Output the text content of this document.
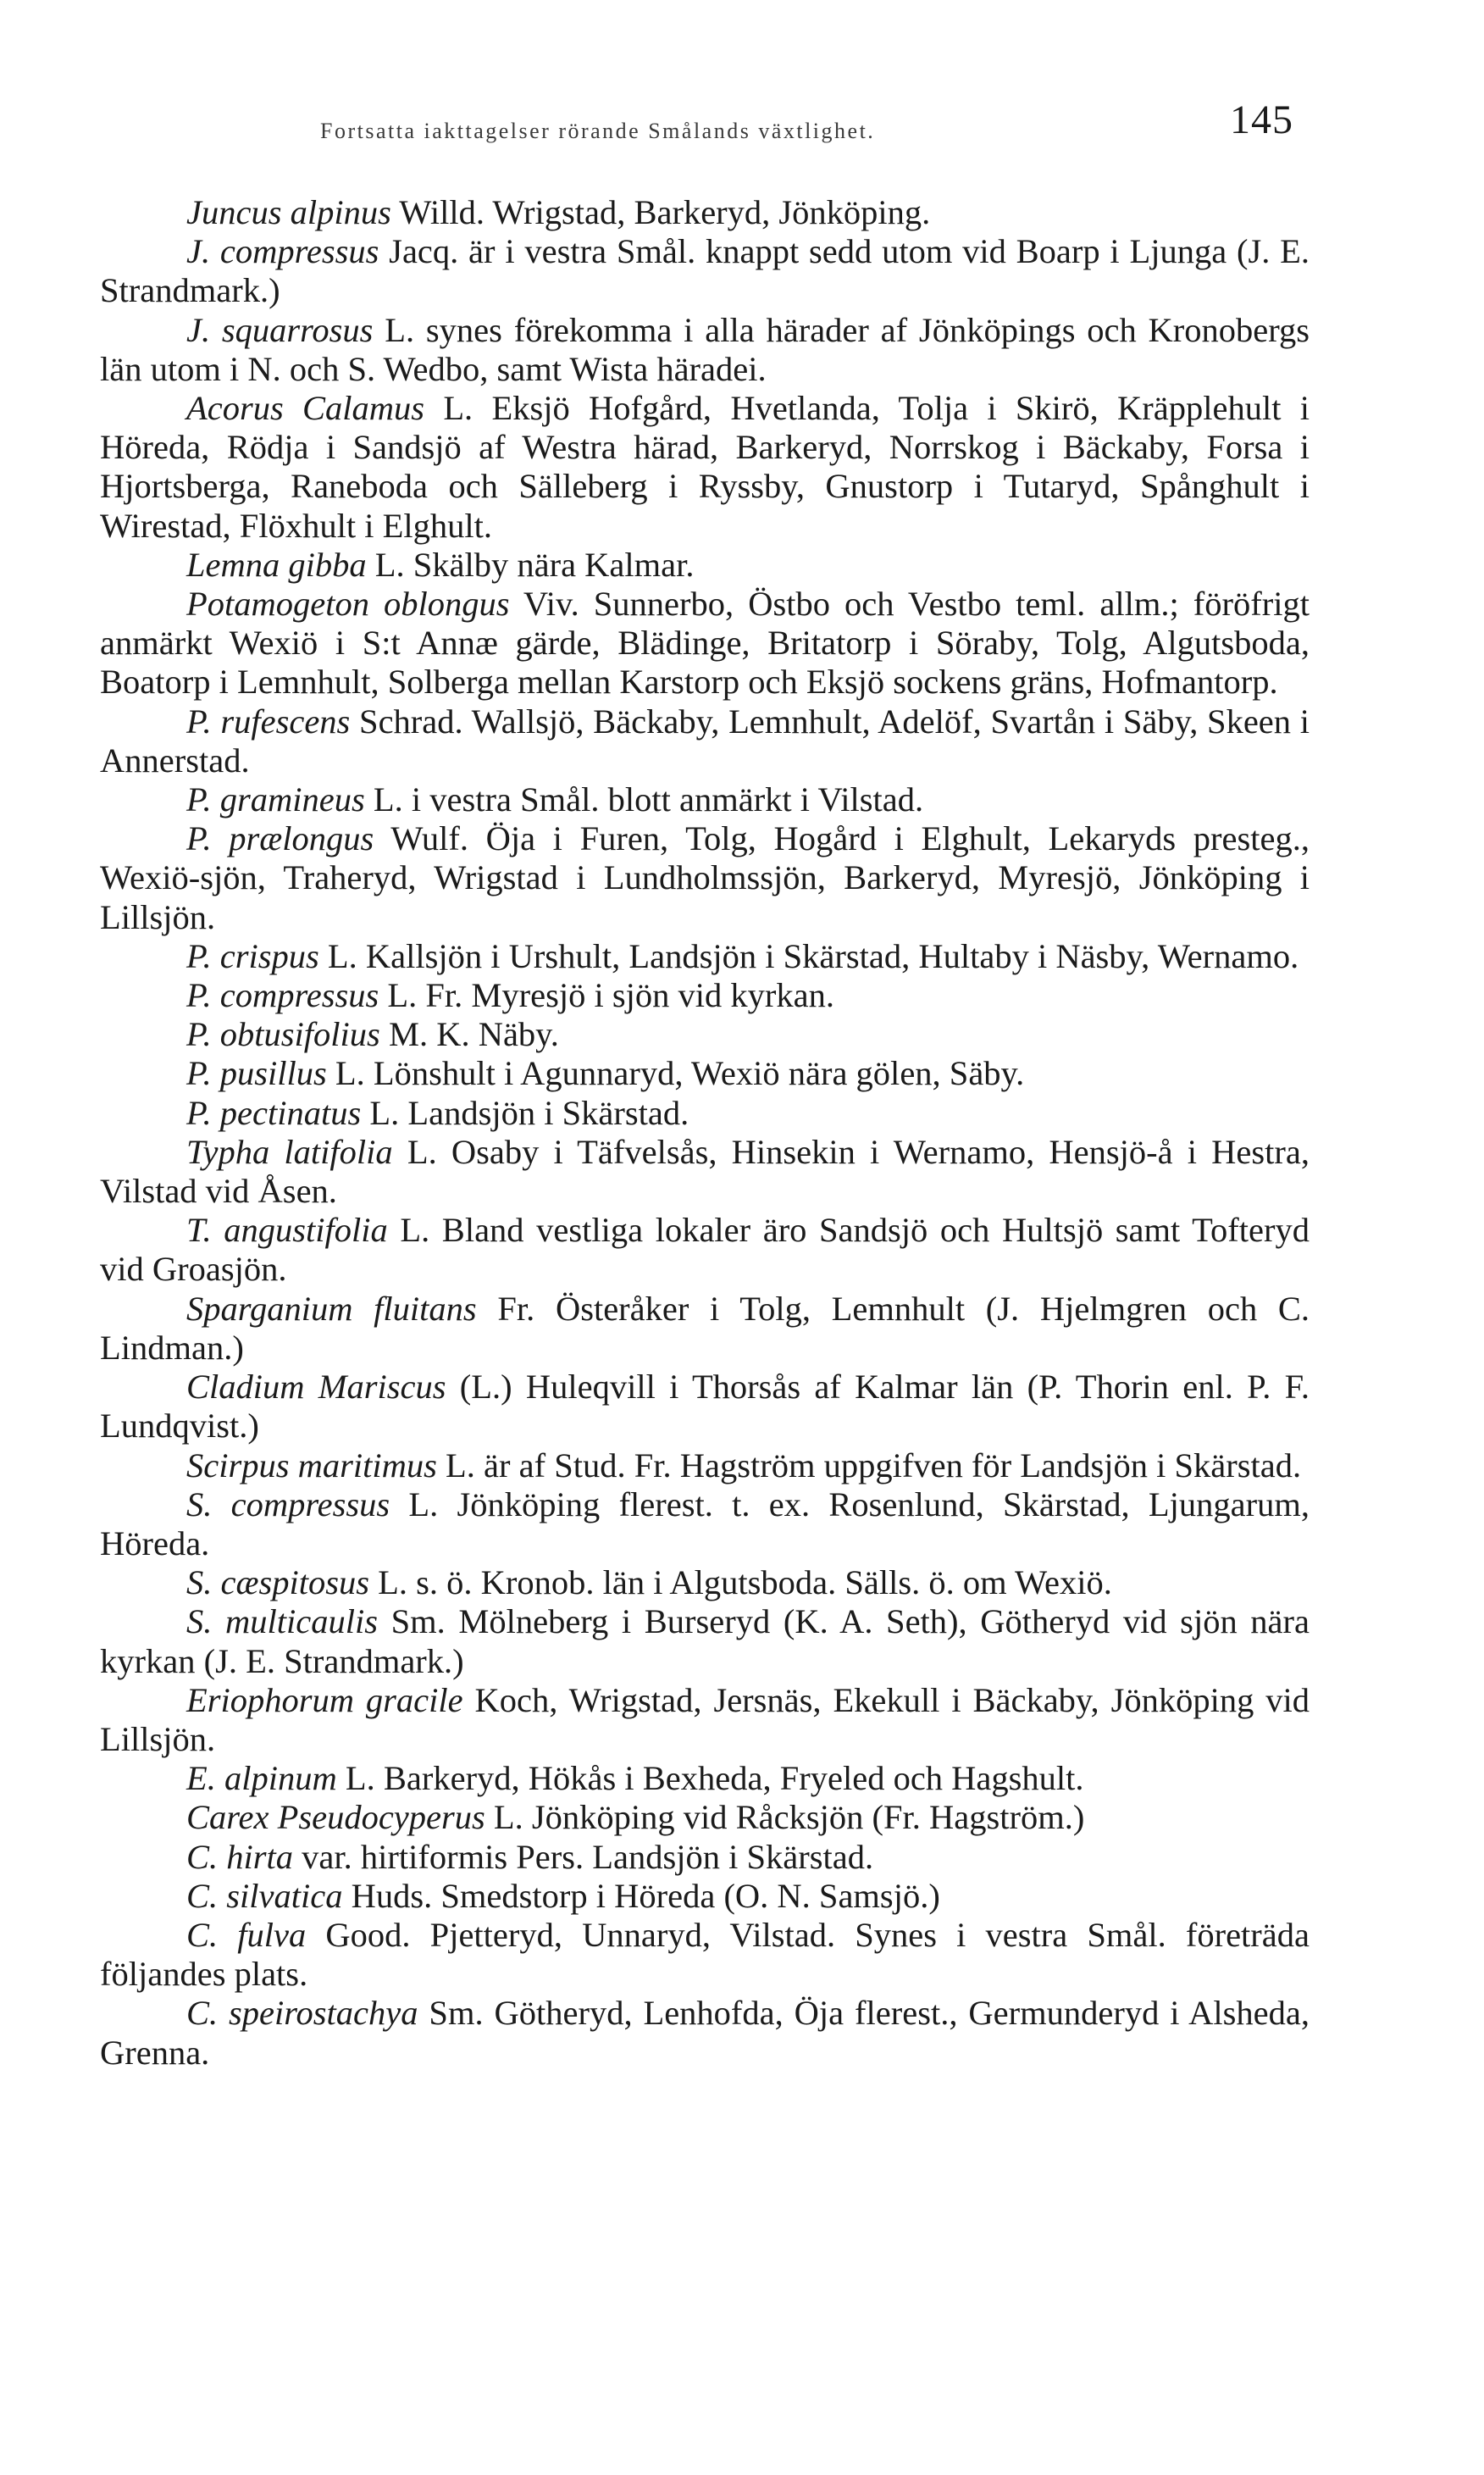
Fortsatta iakttagelser rörande Smålands växtlighet.	145

Juncus alpinus Willd. Wrigstad, Barkeryd, Jönköping.

J. compressus Jacq. är i vestra Smål. knappt sedd utom vid Boarp i Ljunga (J. E. Strandmark.)

J. squarrosus L. synes förekomma i alla härader af Jönköpings och Kronobergs län utom i N. och S. Wedbo, samt Wista häradei.

Acorus Calamus L. Eksjö Hofgård, Hvetlanda, Tolja i Skirö, Kräpplehult i Höreda, Rödja i Sandsjö af Westra härad, Barkeryd, Norrskog i Bäckaby, Forsa i Hjortsberga, Raneboda och Sälleberg i Ryssby, Gnustorp i Tutaryd, Spånghult i Wirestad, Flöxhult i Elghult.

Lemna gibba L. Skälby nära Kalmar.

Potamogeton oblongus Viv. Sunnerbo, Östbo och Vestbo teml. allm.; föröfrigt anmärkt Wexiö i S:t Annæ gärde, Blädinge, Britatorp i Söraby, Tolg, Algutsboda, Boatorp i Lemnhult, Solberga mellan Karstorp och Eksjö sockens gräns, Hofmantorp.

P. rufescens Schrad. Wallsjö, Bäckaby, Lemnhult, Adelöf, Svartån i Säby, Skeen i Annerstad.

P. gramineus L. i vestra Smål. blott anmärkt i Vilstad.

P. prælongus Wulf. Öja i Furen, Tolg, Hogård i Elghult, Lekaryds presteg., Wexiö-sjön, Traheryd, Wrigstad i Lundholmssjön, Barkeryd, Myresjö, Jönköping i Lillsjön.

P. crispus L. Kallsjön i Urshult, Landsjön i Skärstad, Hultaby i Näsby, Wernamo.

P. compressus L. Fr. Myresjö i sjön vid kyrkan.

P. obtusifolius M. K. Näby.

P. pusillus L. Lönshult i Agunnaryd, Wexiö nära gölen, Säby.

P. pectinatus L. Landsjön i Skärstad.

Typha latifolia L. Osaby i Täfvelsås, Hinsekin i Wernamo, Hensjö-å i Hestra, Vilstad vid Åsen.

T. angustifolia L. Bland vestliga lokaler äro Sandsjö och Hultsjö samt Tofteryd vid Groasjön.

Sparganium fluitans Fr. Österåker i Tolg, Lemnhult (J. Hjelmgren och C. Lindman.)

Cladium Mariscus (L.) Huleqvill i Thorsås af Kalmar län (P. Thorin enl. P. F. Lundqvist.)

Scirpus maritimus L. är af Stud. Fr. Hagström uppgifven för Landsjön i Skärstad.

S. compressus L. Jönköping flerest. t. ex. Rosenlund, Skärstad, Ljungarum, Höreda.

S. cæspitosus L. s. ö. Kronob. län i Algutsboda. Sälls. ö. om Wexiö.

S. multicaulis Sm. Mölneberg i Burseryd (K. A. Seth), Götheryd vid sjön nära kyrkan (J. E. Strandmark.)

Eriophorum gracile Koch, Wrigstad, Jersnäs, Ekekull i Bäckaby, Jönköping vid Lillsjön.

E. alpinum L. Barkeryd, Hökås i Bexheda, Fryeled och Hagshult.

Carex Pseudocyperus L. Jönköping vid Råcksjön (Fr. Hagström.)

C. hirta var. hirtiformis Pers. Landsjön i Skärstad.

C. silvatica Huds. Smedstorp i Höreda (O. N. Samsjö.)

C. fulva Good. Pjetteryd, Unnaryd, Vilstad. Synes i vestra Smål. företräda följandes plats.

C. speirostachya Sm. Götheryd, Lenhofda, Öja flerest., Germunderyd i Alsheda, Grenna.
